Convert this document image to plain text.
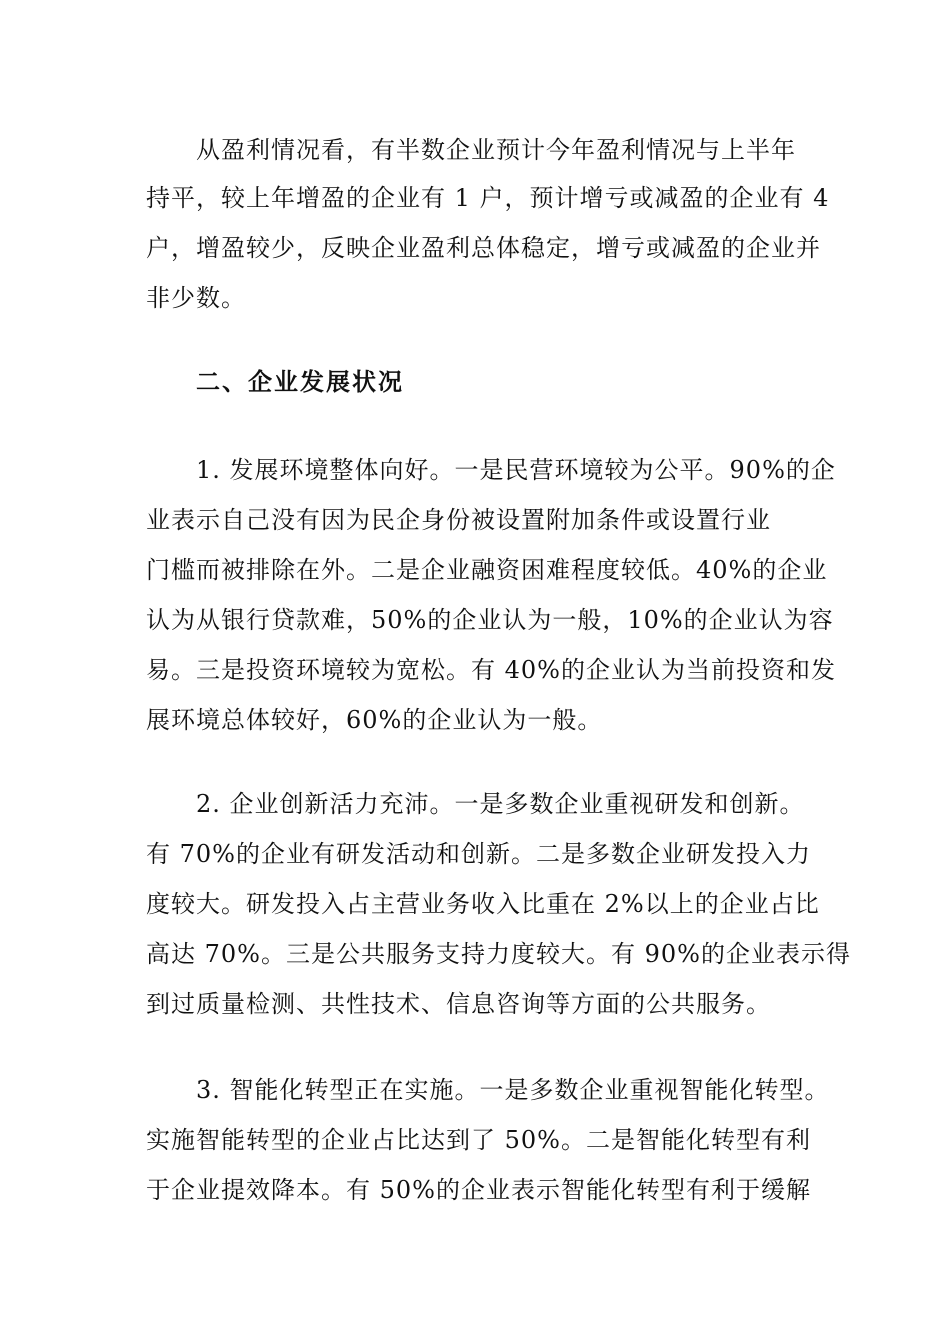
从盈利情况看，有半数企业预计今年盈利情况与上半年
持平，较上年增盈的企业有 1 户，预计增亏或减盈的企业有 4
户，增盈较少，反映企业盈利总体稳定，增亏或减盈的企业并
非少数。
二、企业发展状况
1. 发展环境整体向好。一是民营环境较为公平。90%的企
业表示自己没有因为民企身份被设置附加条件或设置行业
门槛而被排除在外。二是企业融资困难程度较低。40%的企业
认为从银行贷款难，50%的企业认为一般，10%的企业认为容
易。三是投资环境较为宽松。有 40%的企业认为当前投资和发
展环境总体较好，60%的企业认为一般。
2. 企业创新活力充沛。一是多数企业重视研发和创新。
有 70%的企业有研发活动和创新。二是多数企业研发投入力
度较大。研发投入占主营业务收入比重在 2%以上的企业占比
高达 70%。三是公共服务支持力度较大。有 90%的企业表示得
到过质量检测、共性技术、信息咨询等方面的公共服务。
3. 智能化转型正在实施。一是多数企业重视智能化转型。
实施智能转型的企业占比达到了 50%。二是智能化转型有利
于企业提效降本。有 50%的企业表示智能化转型有利于缓解
